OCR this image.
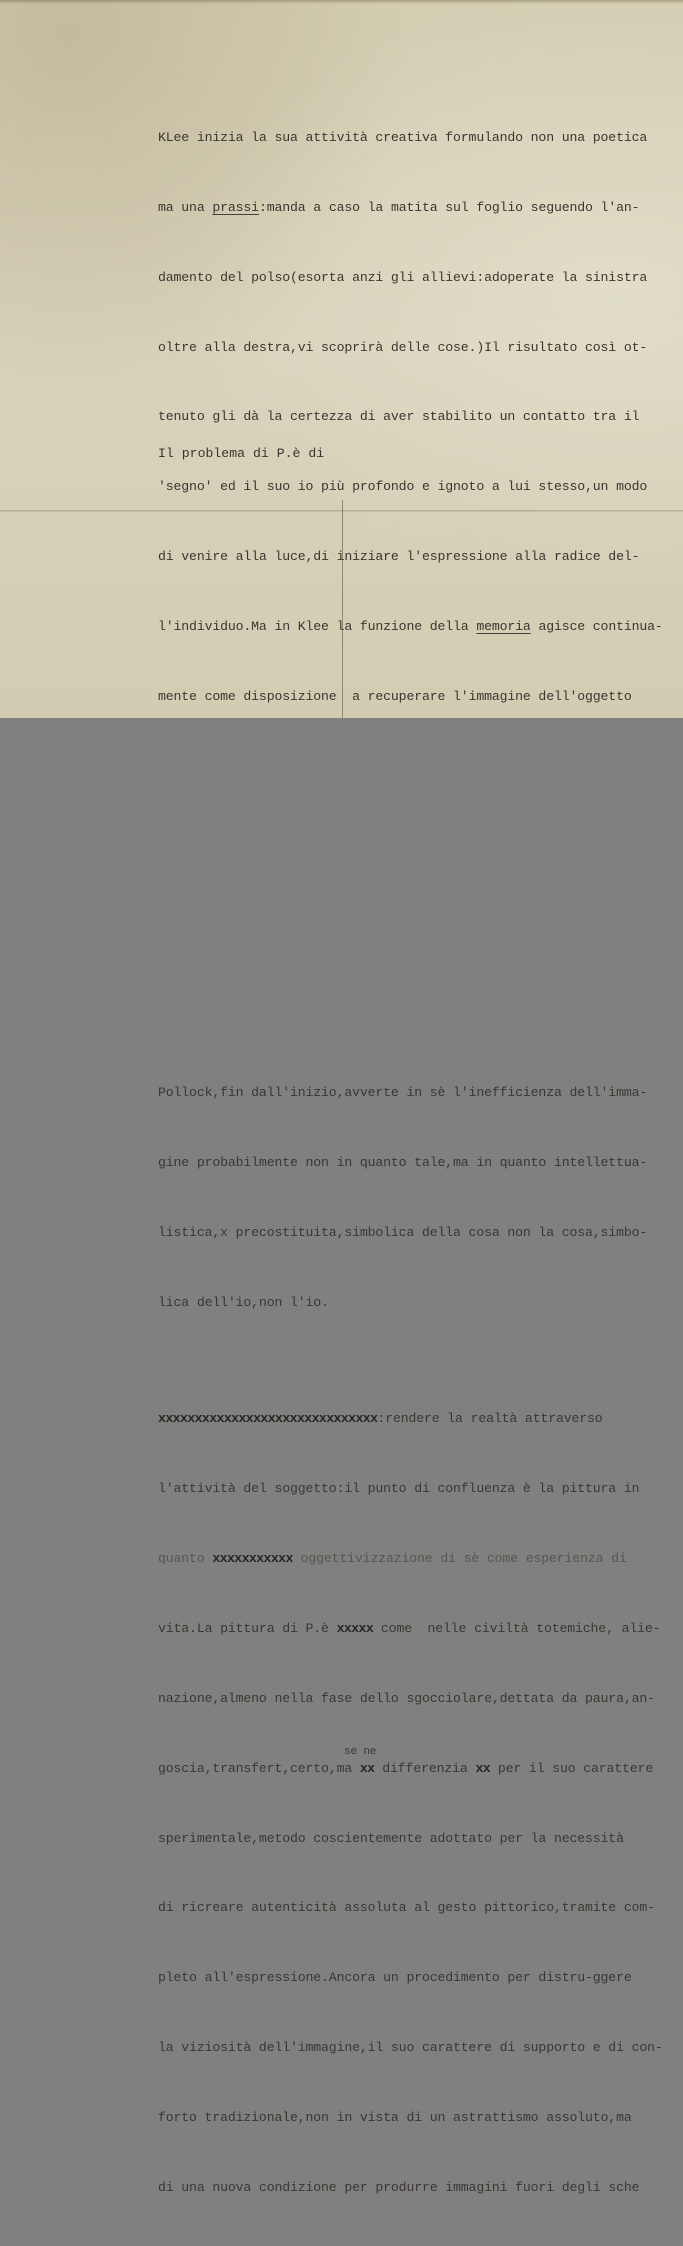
KLee inizia la sua attività creativa formulando non una poetica

ma una prassi:manda a caso la matita sul foglio seguendo l'an-

damento del polso(esorta anzi gli allievi:adoperate la sinistra

oltre alla destra,vi scoprirà delle cose.)Il risultato così ot-

tenuto gli dà la certezza di aver stabilito un contatto tra il

'segno' ed il suo io più profondo e ignoto a lui stesso,un modo

di venire alla luce,di iniziare l'espressione alla radice del-

l'individuo.Ma in Klee la funzione della memoria agisce continua-

mente come disposizione  a recuperare l'immagine dell'oggetto

Pollock,fin dall'inizio,avverte in sè l'inefficienza dell'imma-

gine probabilmente non in quanto tale,ma in quanto intellettua-

listica,x precostituita,simbolica della cosa non la cosa,simbo-

lica dell'io,non l'io.

xxxxxxxxxxxxxxxxxxxxxxxxxxxxxx:rendere la realtà attraverso

l'attività del soggetto:il punto di confluenza è la pittura in

quanto xxxxxxxxxxx oggettivizzazione di sè come esperienza di

vita.La pittura di P.è xxxxx come  nelle civiltà totemiche, alie-

nazione,almeno nella fase dello sgocciolare,dettata da paura,an-

se ne
goscia,transfert,certo,ma xx differenzia xx per il suo carattere

sperimentale,metodo coscientemente adottato per la necessità

di ricreare autenticità assoluta al gesto pittorico,tramite com-

pleto all'espressione.Ancora un procedimento per distru-ggere

la viziosità dell'immagine,il suo carattere di supporto e di con-

forto tradizionale,non in vista di un astrattismo assoluto,ma

di una nuova condizione per produrre immagini fuori degli sche

Il problema di P.è di
